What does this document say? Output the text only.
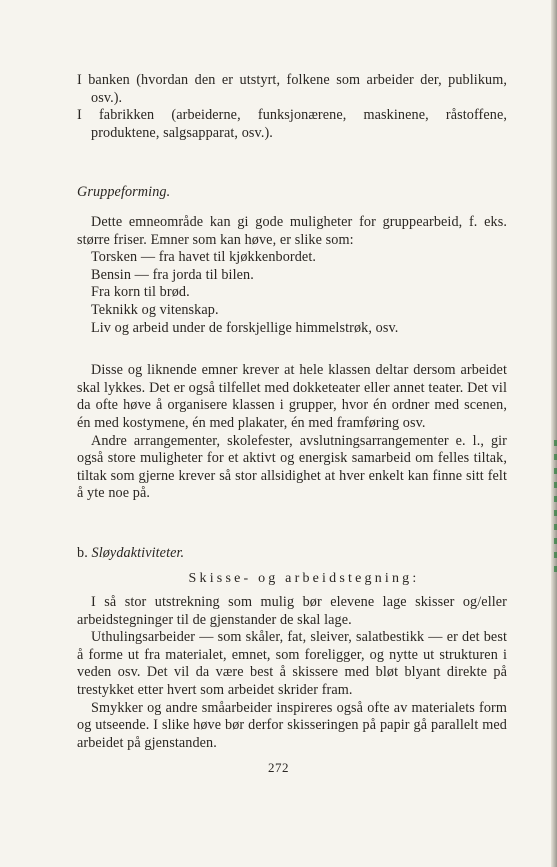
I banken (hvordan den er utstyrt, folkene som arbeider der, publikum, osv.).

I fabrikken (arbeiderne, funksjonærene, maskinene, råstoffene, produktene, salgsapparat, osv.).

Gruppeforming.

Dette emneområde kan gi gode muligheter for gruppearbeid, f. eks. større friser. Emner som kan høve, er slike som:

Torsken — fra havet til kjøkkenbordet.
Bensin — fra jorda til bilen.
Fra korn til brød.
Teknikk og vitenskap.
Liv og arbeid under de forskjellige himmelstrøk, osv.

Disse og liknende emner krever at hele klassen deltar dersom arbeidet skal lykkes. Det er også tilfellet med dokketeater eller annet teater. Det vil da ofte høve å organisere klassen i grupper, hvor én ordner med scenen, én med kostymene, én med plakater, én med framføring osv.

Andre arrangementer, skolefester, avslutningsarrangementer e. l., gir også store muligheter for et aktivt og energisk samarbeid om felles tiltak, tiltak som gjerne krever så stor allsidighet at hver enkelt kan finne sitt felt å yte noe på.

b. Sløydaktiviteter.

Skisse- og arbeidstegning:

I så stor utstrekning som mulig bør elevene lage skisser og/eller arbeidstegninger til de gjenstander de skal lage.

Uthulingsarbeider — som skåler, fat, sleiver, salatbestikk — er det best å forme ut fra materialet, emnet, som foreligger, og nytte ut strukturen i veden osv. Det vil da være best å skissere med bløt blyant direkte på trestykket etter hvert som arbeidet skrider fram.

Smykker og andre småarbeider inspireres også ofte av materialets form og utseende. I slike høve bør derfor skisseringen på papir gå parallelt med arbeidet på gjenstanden.

272
